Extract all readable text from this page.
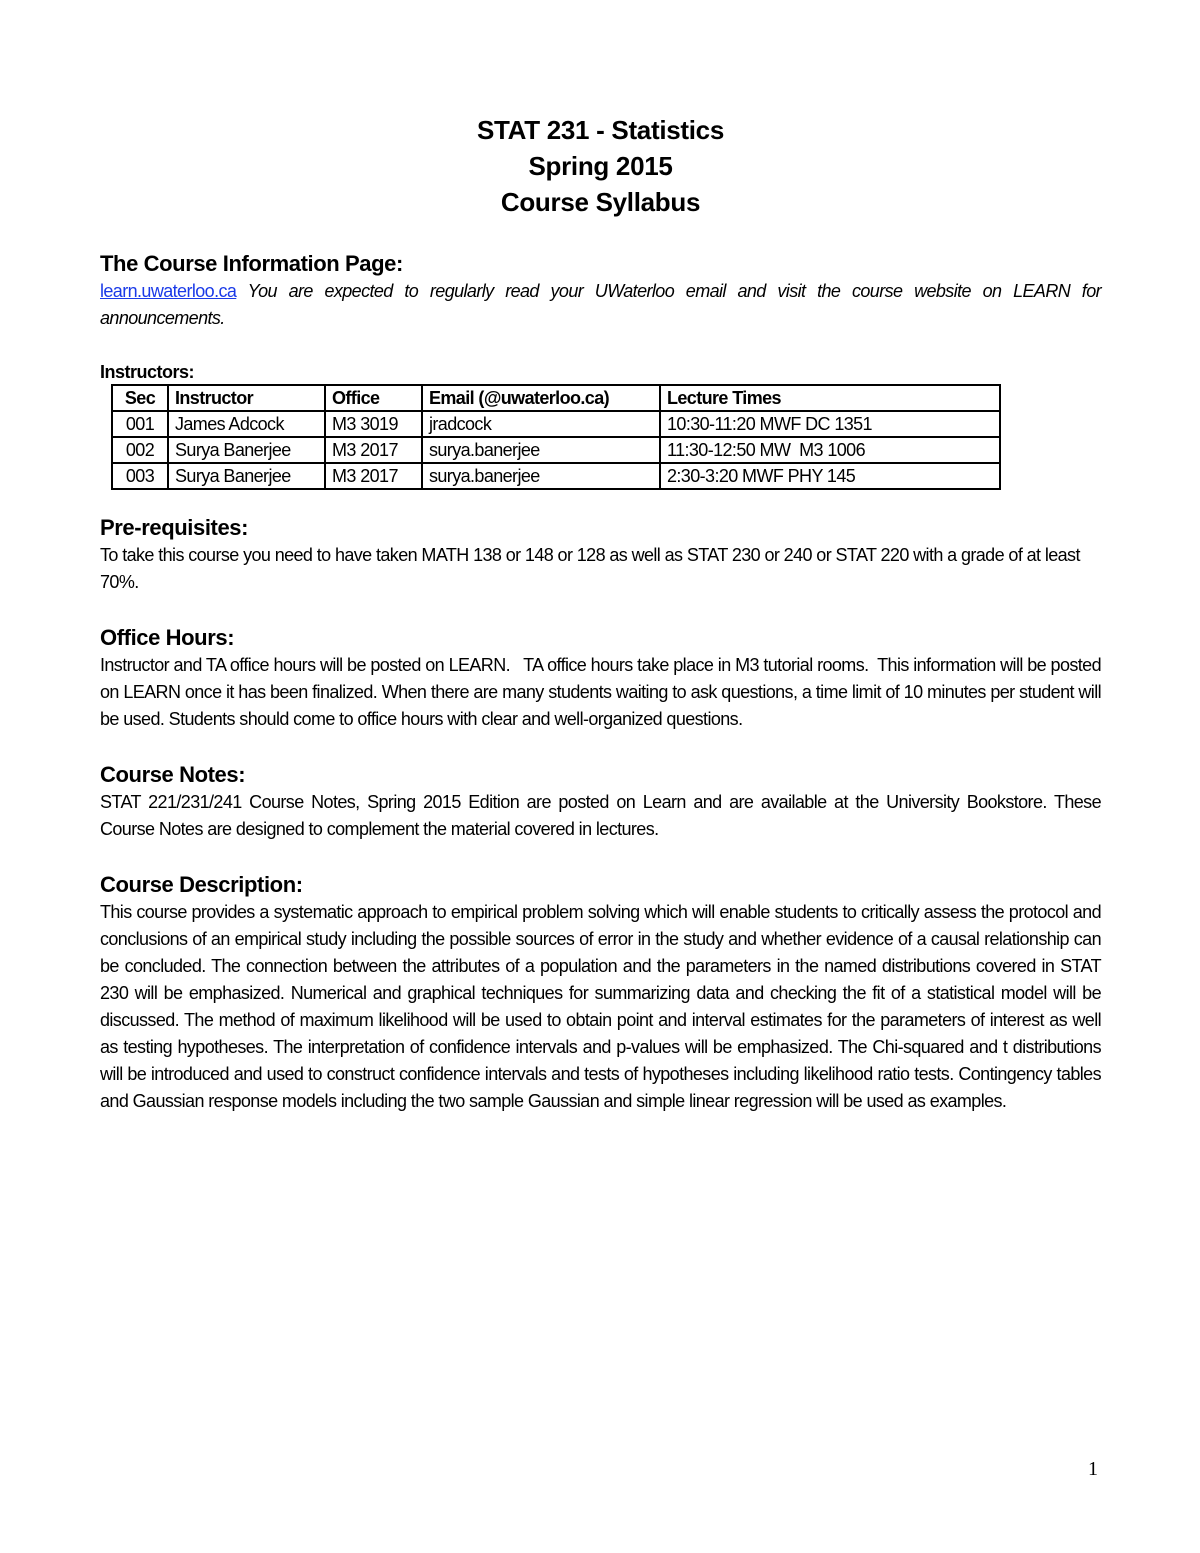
STAT 231 - Statistics
Spring 2015
Course Syllabus
The Course Information Page:
learn.uwaterloo.ca You are expected to regularly read your UWaterloo email and visit the course website on LEARN for announcements.
Instructors:
Sec	Instructor	Office	Email (@uwaterloo.ca)	Lecture Times
001	James Adcock	M3 3019	jradcock	10:30-11:20 MWF DC 1351
002	Surya Banerjee	M3 2017	surya.banerjee	11:30-12:50 MW  M3 1006
003	Surya Banerjee	M3 2017	surya.banerjee	2:30-3:20 MWF PHY 145
Pre-requisites:
To take this course you need to have taken MATH 138 or 148 or 128 as well as STAT 230 or 240 or STAT 220 with a grade of at least 70%.
Office Hours:
Instructor and TA office hours will be posted on LEARN.   TA office hours take place in M3 tutorial rooms.  This information will be posted on LEARN once it has been finalized. When there are many students waiting to ask questions, a time limit of 10 minutes per student will be used. Students should come to office hours with clear and well-organized questions.
Course Notes:
STAT 221/231/241 Course Notes, Spring 2015 Edition are posted on Learn and are available at the University Bookstore. These Course Notes are designed to complement the material covered in lectures.
Course Description:
This course provides a systematic approach to empirical problem solving which will enable students to critically assess the protocol and conclusions of an empirical study including the possible sources of error in the study and whether evidence of a causal relationship can be concluded. The connection between the attributes of a population and the parameters in the named distributions covered in STAT 230 will be emphasized. Numerical and graphical techniques for summarizing data and checking the fit of a statistical model will be discussed. The method of maximum likelihood will be used to obtain point and interval estimates for the parameters of interest as well as testing hypotheses. The interpretation of confidence intervals and p-values will be emphasized. The Chi-squared and t distributions will be introduced and used to construct confidence intervals and tests of hypotheses including likelihood ratio tests. Contingency tables and Gaussian response models including the two sample Gaussian and simple linear regression will be used as examples.
1
